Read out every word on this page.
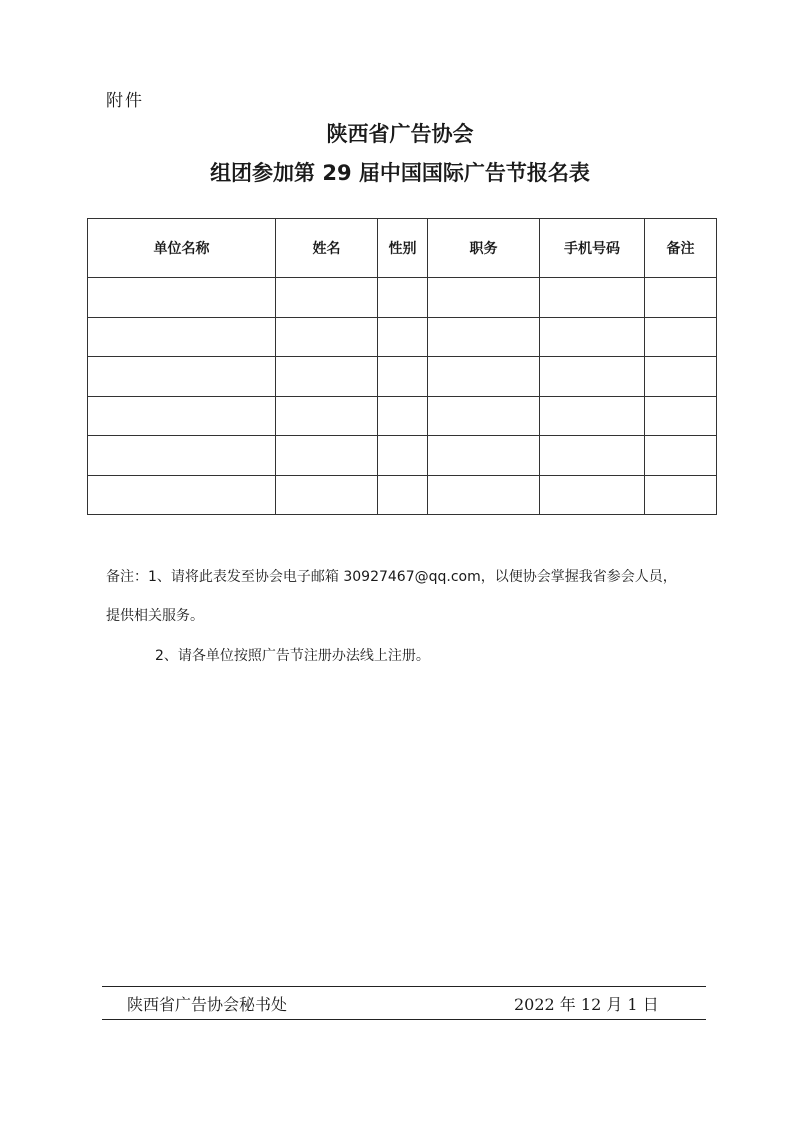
附件
陕西省广告协会
组团参加第 29 届中国国际广告节报名表
单位名称	姓名	性别	职务	手机号码	备注

备注：1、请将此表发至协会电子邮箱 30927467@qq.com，以便协会掌握我省参会人员，
提供相关服务。
2、请各单位按照广告节注册办法线上注册。
陕西省广告协会秘书处	2022 年 12 月 1 日
